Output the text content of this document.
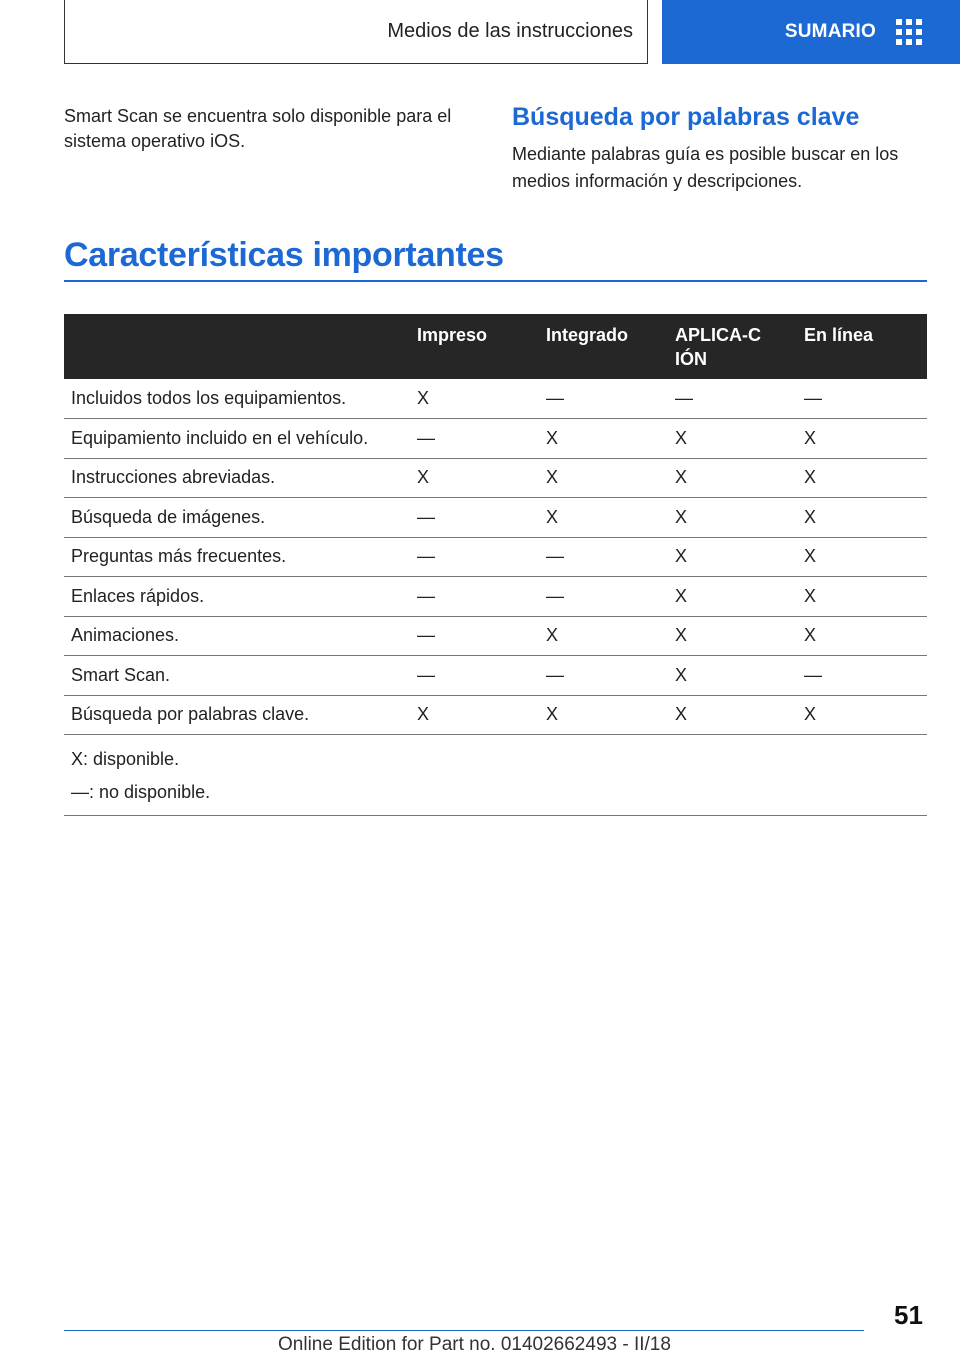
Medios de las instrucciones	SUMARIO
Smart Scan se encuentra solo disponible para el sistema operativo iOS.
Búsqueda por palabras clave
Mediante palabras guía es posible buscar en los medios información y descripciones.
Características importantes
	Impreso	Integrado	APLICA-CIÓN	En línea
Incluidos todos los equipamientos.	X	—	—	—
Equipamiento incluido en el vehículo.	—	X	X	X
Instrucciones abreviadas.	X	X	X	X
Búsqueda de imágenes.	—	X	X	X
Preguntas más frecuentes.	—	—	X	X
Enlaces rápidos.	—	—	X	X
Animaciones.	—	X	X	X
Smart Scan.	—	—	X	—
Búsqueda por palabras clave.	X	X	X	X

X: disponible.
—: no disponible.				
51
Online Edition for Part no. 01402662493 - II/18
